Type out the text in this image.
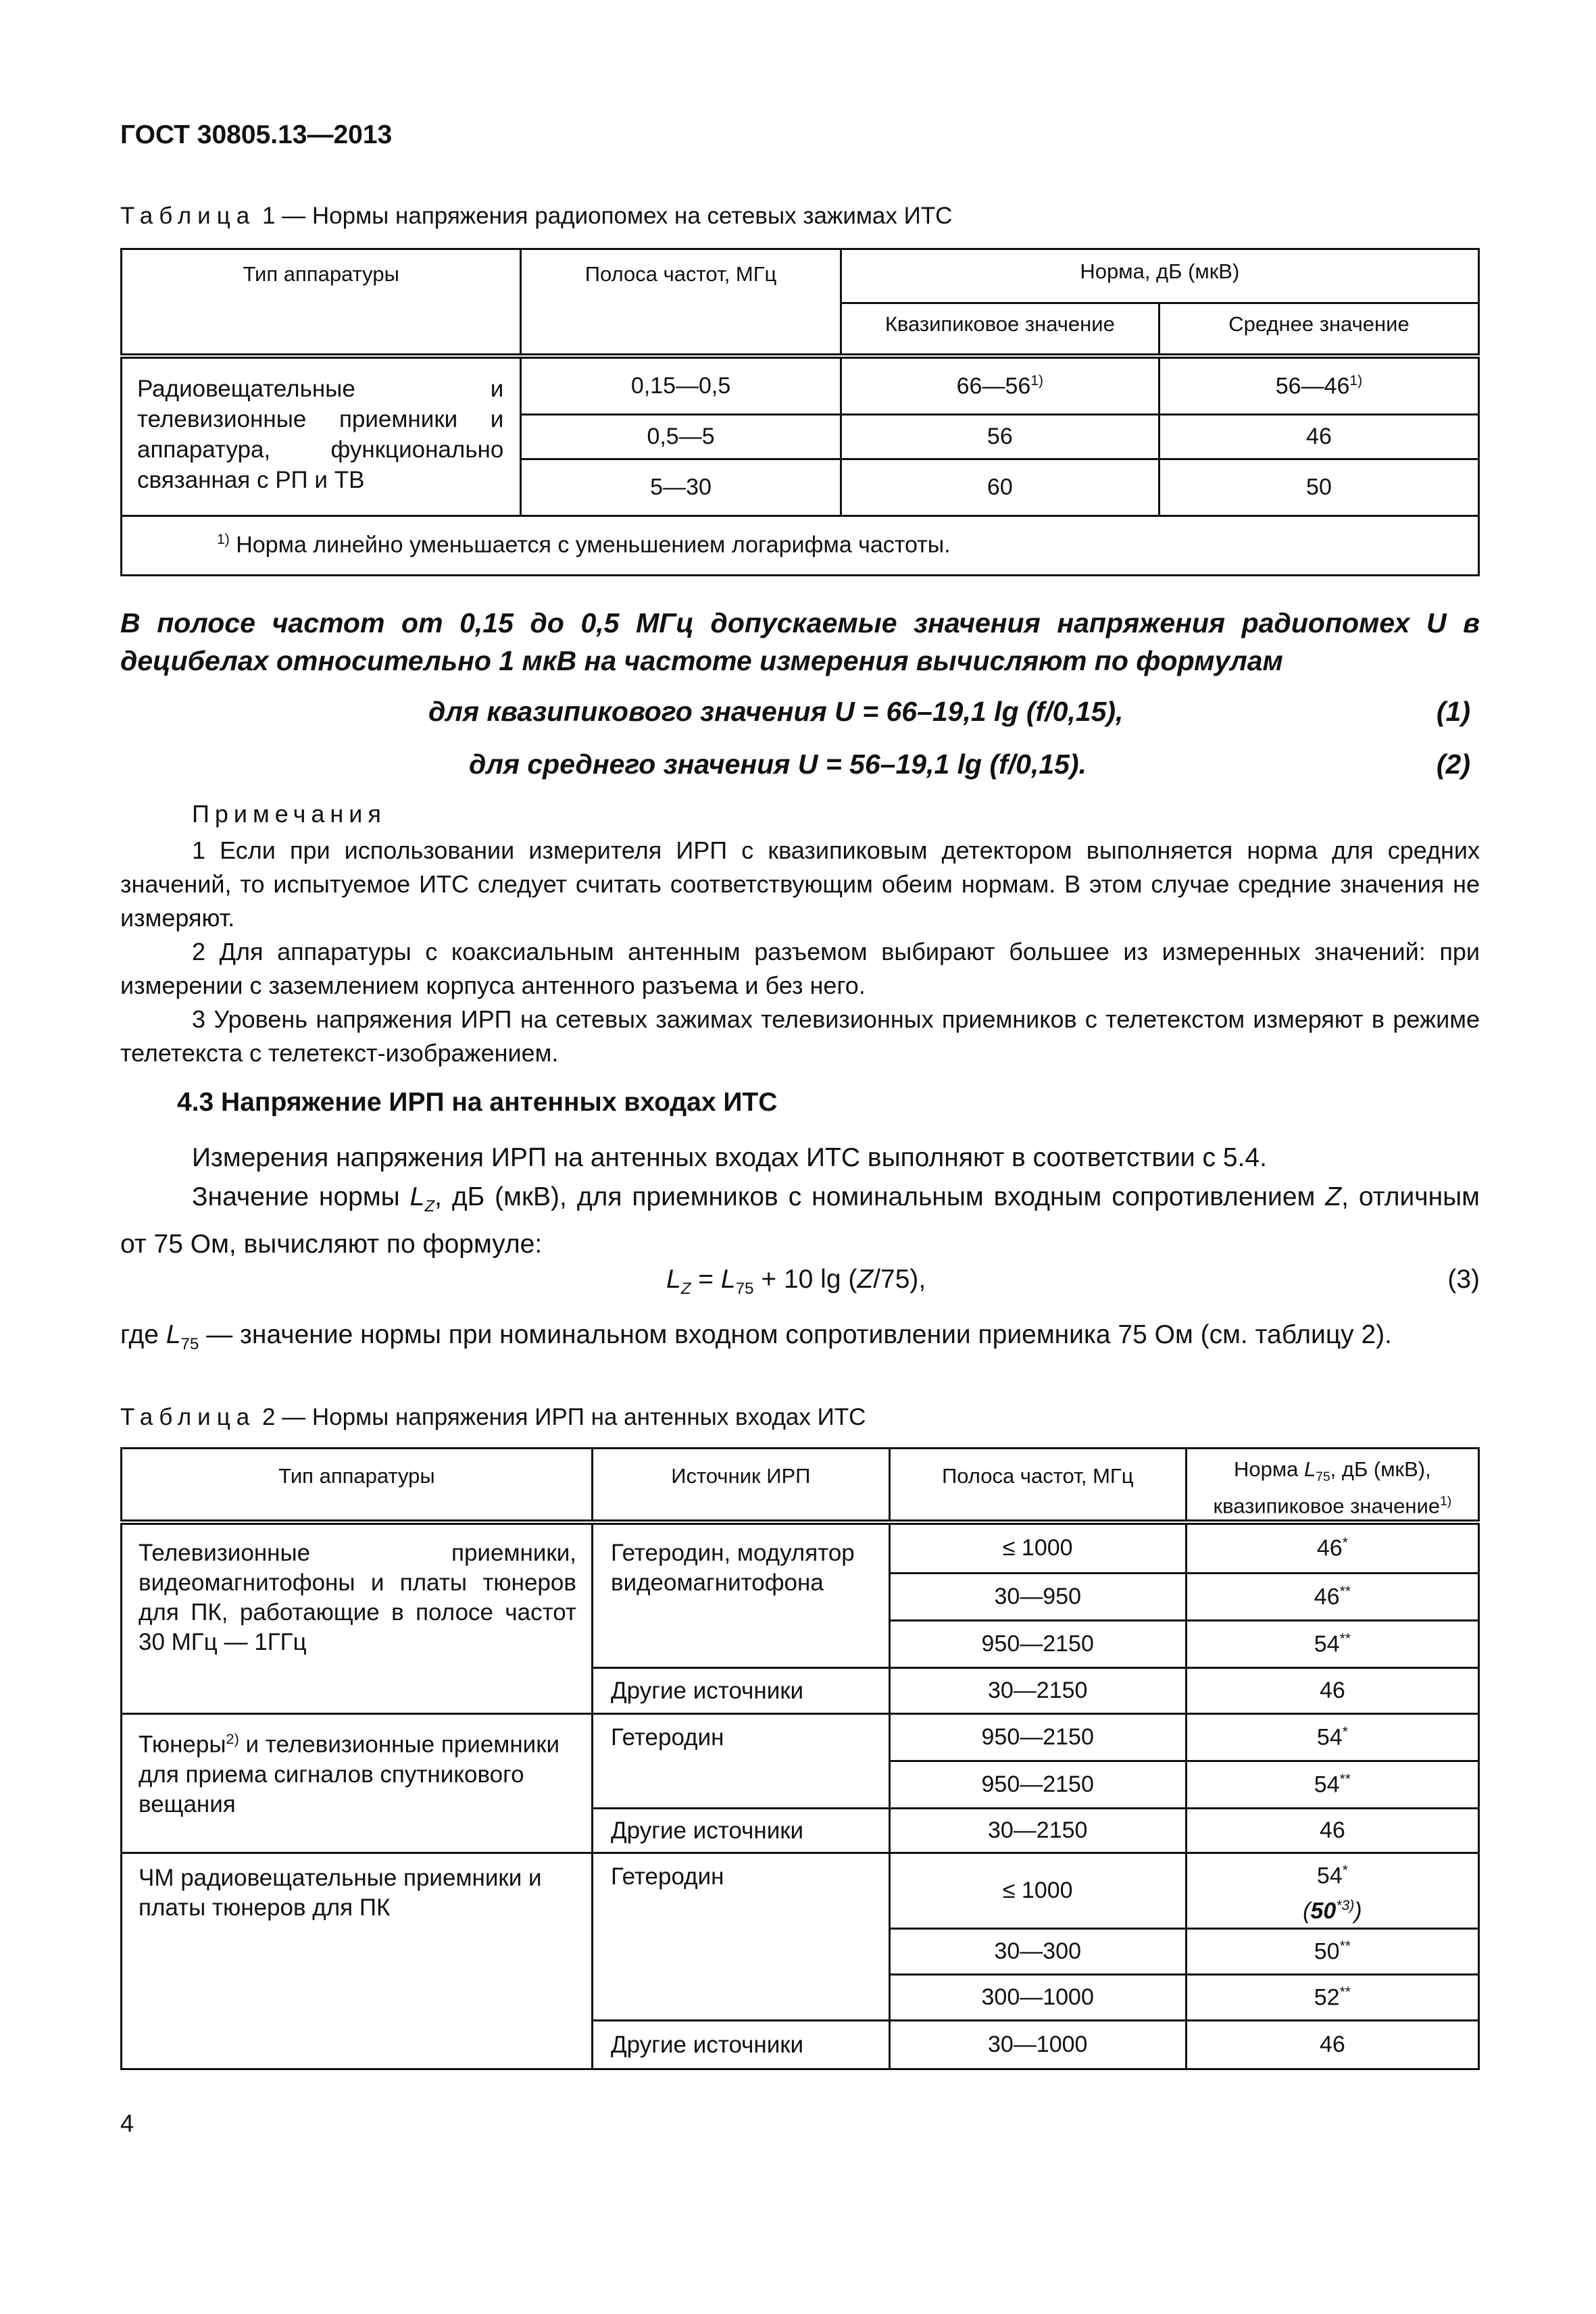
ГОСТ 30805.13—2013
Таблица 1 — Нормы напряжения радиопомех на сетевых зажимах ИТС
Тип аппаратуры	Полоса частот, МГц	Норма, дБ (мкВ)	
		Квазипиковое значение	Среднее значение
Радиовещательные и телевизионные приемники и аппаратура, функционально связанная с РП и ТВ	0,15—0,5	66—56$^{1)}$	56—46$^{1)}$
	0,5—5	56	46
	5—30	60	50
$^{1)}$ Норма линейно уменьшается с уменьшением логарифма частоты.			
В полосе частот от 0,15 до 0,5 МГц допускаемые значения напряжения радиопомех U в децибелах относительно 1 мкВ на частоте измерения вычисляют по формулам
для квазипикового значения U = 66–19,1 lg (f/0,15),	(1)
для среднего значения U = 56–19,1 lg (f/0,15).	(2)
Примечания
1 Если при использовании измерителя ИРП с квазипиковым детектором выполняется норма для средних значений, то испытуемое ИТС следует считать соответствующим обеим нормам. В этом случае средние значения не измеряют.
2 Для аппаратуры с коаксиальным антенным разъемом выбирают большее из измеренных значений: при измерении с заземлением корпуса антенного разъема и без него.
3 Уровень напряжения ИРП на сетевых зажимах телевизионных приемников с телетекстом измеряют в режиме телетекста с телетекст-изображением.
4.3 Напряжение ИРП на антенных входах ИТС
Измерения напряжения ИРП на антенных входах ИТС выполняют в соответствии с 5.4.
Значение нормы $L_Z$, дБ (мкВ), для приемников с номинальным входным сопротивлением Z, отличным от 75 Ом, вычисляют по формуле:
$L_Z = L_{75} + 10$ lg (Z/75),	(3)
где $L_{75}$ — значение нормы при номинальном входном сопротивлении приемника 75 Ом (см. таблицу 2).
Таблица 2 — Нормы напряжения ИРП на антенных входах ИТС
Тип аппаратуры	Источник ИРП	Полоса частот, МГц	Норма $L_{75}$, дБ (мкВ),
квазипиковое значение$^{1)}$
Телевизионные приемники, видеомагнитофоны и платы тюнеров для ПК, работающие в полосе частот 30 МГц — 1ГГц	Гетеродин, модулятор видеомагнитофона	≤ 1000	46*
		30—950	46**
		950—2150	54**
	Другие источники	30—2150	46
Тюнеры$^{2)}$ и телевизионные приемники для приема сигналов спутникового вещания	Гетеродин	950—2150	54*
		950—2150	54**
	Другие источники	30—2150	46
ЧМ радиовещательные приемники и платы тюнеров для ПК	Гетеродин	≤ 1000	54*
(50$^{*3)}$)
		30—300	50**
		300—1000	52**
	Другие источники	30—1000	46
4
